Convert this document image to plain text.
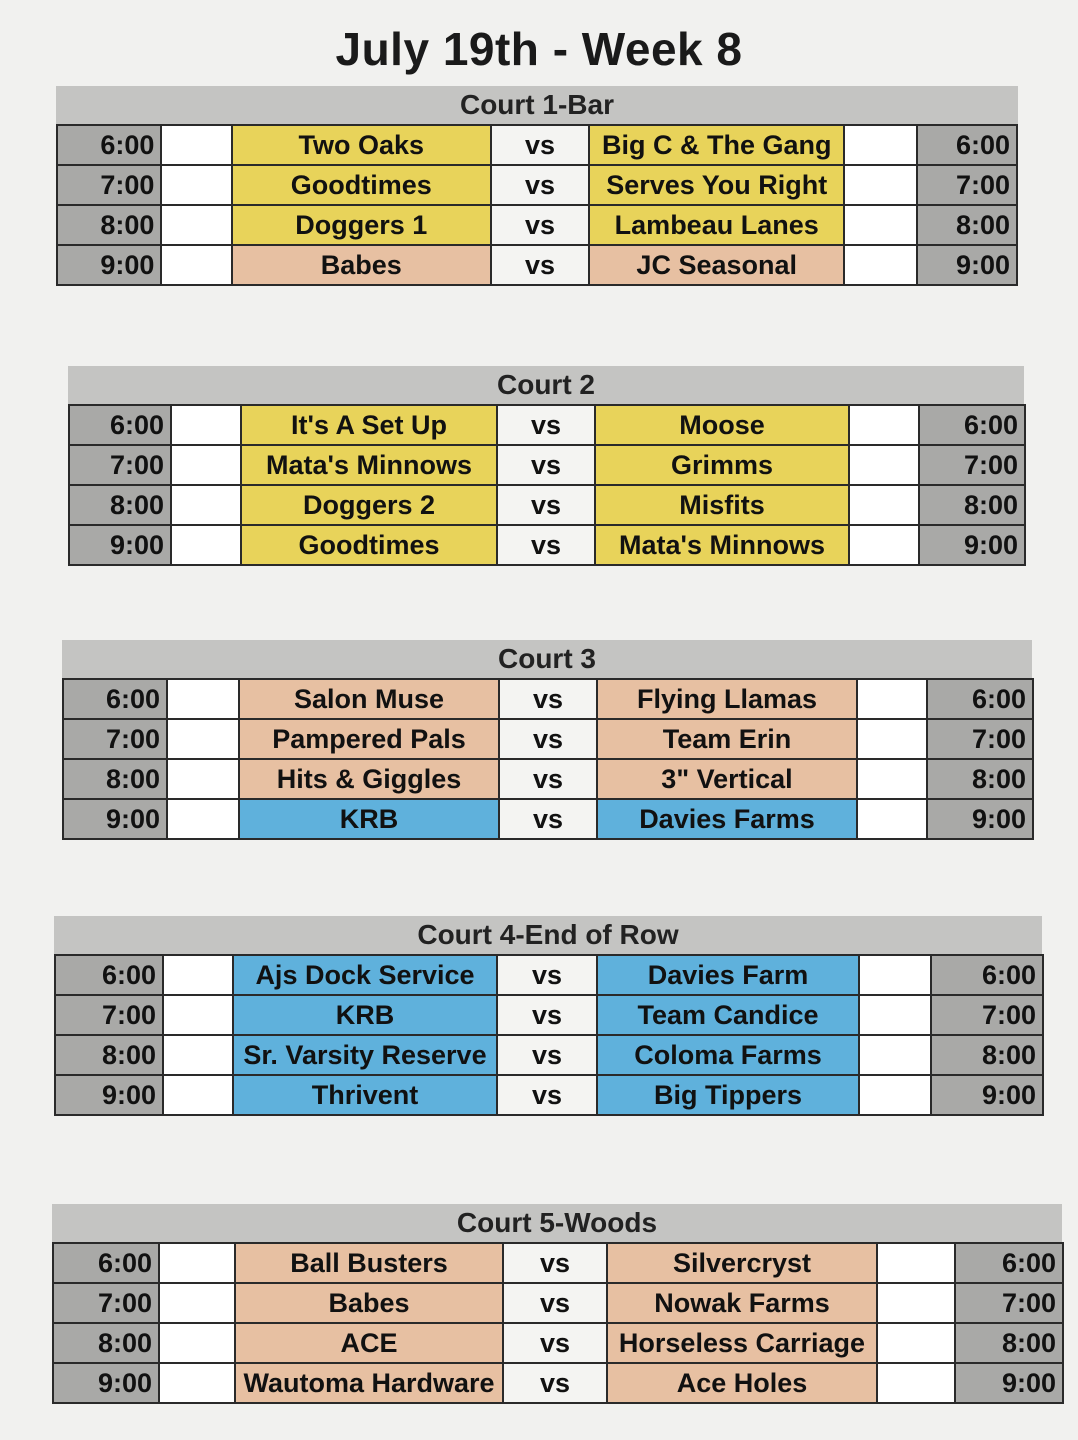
July 19th - Week 8
Court 1-Bar
6:00		Two Oaks	vs	Big C & The Gang		6:00
7:00		Goodtimes	vs	Serves You Right		7:00
8:00		Doggers 1	vs	Lambeau Lanes		8:00
9:00		Babes	vs	JC Seasonal		9:00
Court 2
6:00		It's A Set Up	vs	Moose		6:00
7:00		Mata's Minnows	vs	Grimms		7:00
8:00		Doggers 2	vs	Misfits		8:00
9:00		Goodtimes	vs	Mata's Minnows		9:00
Court 3
6:00		Salon Muse	vs	Flying Llamas		6:00
7:00		Pampered Pals	vs	Team Erin		7:00
8:00		Hits & Giggles	vs	3" Vertical		8:00
9:00		KRB	vs	Davies Farms		9:00
Court 4-End of Row
6:00		Ajs Dock Service	vs	Davies Farm		6:00
7:00		KRB	vs	Team Candice		7:00
8:00		Sr. Varsity Reserve	vs	Coloma Farms		8:00
9:00		Thrivent	vs	Big Tippers		9:00
Court 5-Woods
6:00		Ball Busters	vs	Silvercryst		6:00
7:00		Babes	vs	Nowak Farms		7:00
8:00		ACE	vs	Horseless Carriage		8:00
9:00		Wautoma Hardware	vs	Ace Holes		9:00
